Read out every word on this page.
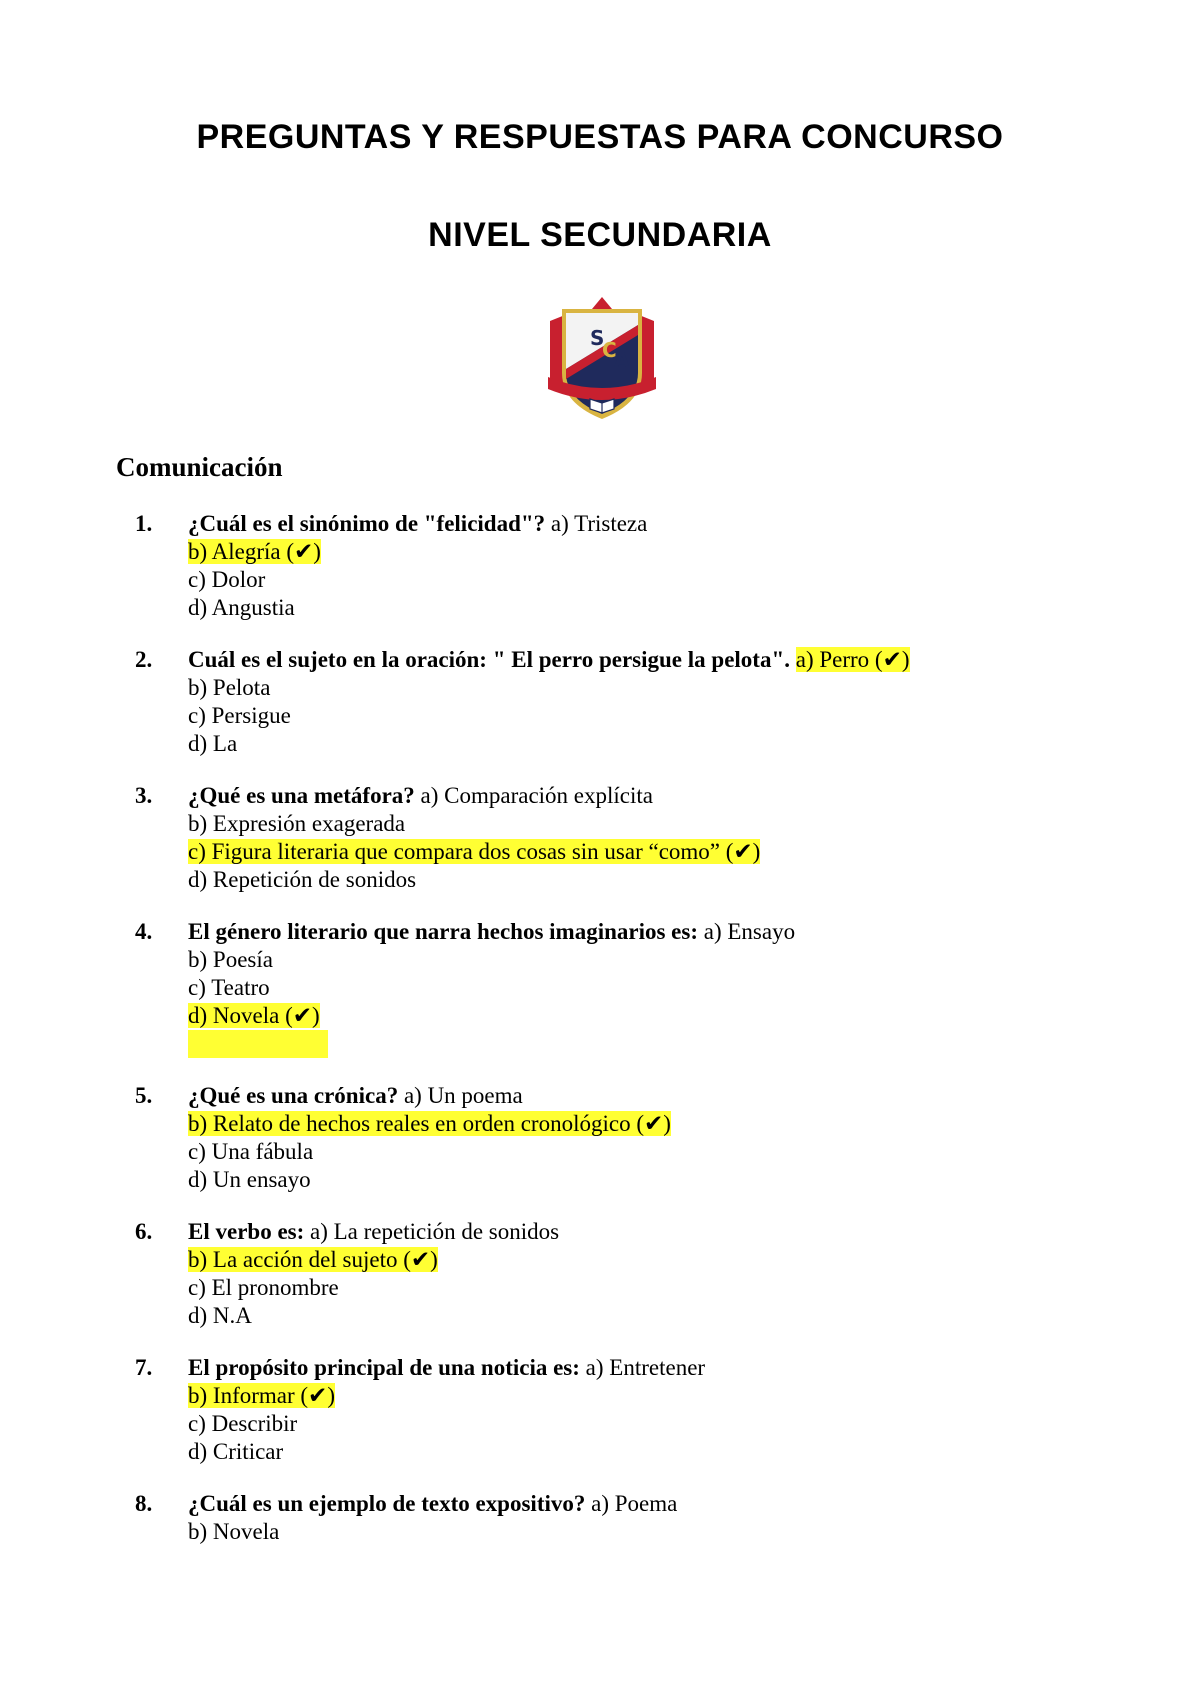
PREGUNTAS Y RESPUESTAS PARA CONCURSO
NIVEL SECUNDARIA
S
C
A
Comunicación
1. ¿Cuál es el sinónimo de "felicidad"? a) Tristeza
b) Alegría (✔)
c) Dolor
d) Angustia
2. Cuál es el sujeto en la oración: " El perro persigue la pelota". a) Perro (✔)
b) Pelota
c) Persigue
d) La
3. ¿Qué es una metáfora? a) Comparación explícita
b) Expresión exagerada
c) Figura literaria que compara dos cosas sin usar “como” (✔)
d) Repetición de sonidos
4. El género literario que narra hechos imaginarios es: a) Ensayo
b) Poesía
c) Teatro
d) Novela (✔)
5. ¿Qué es una crónica? a) Un poema
b) Relato de hechos reales en orden cronológico (✔)
c) Una fábula
d) Un ensayo
6. El verbo es: a) La repetición de sonidos
b) La acción del sujeto (✔)
c) El pronombre
d) N.A
7. El propósito principal de una noticia es: a) Entretener
b) Informar (✔)
c) Describir
d) Criticar
8. ¿Cuál es un ejemplo de texto expositivo? a) Poema
b) Novela
